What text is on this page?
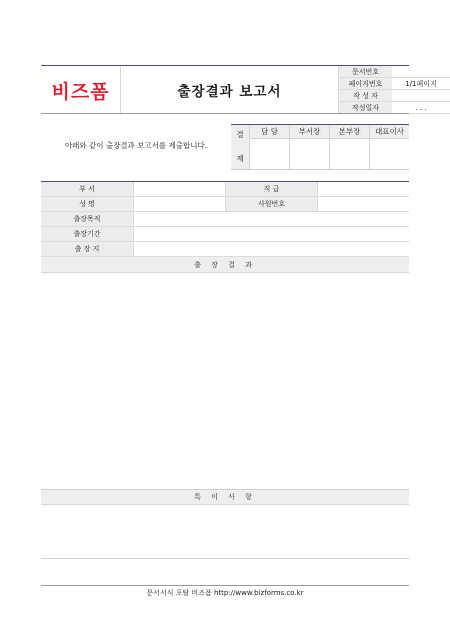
비즈폼	출장결과 보고서
문서번호
페이지번호	1/1페이지
작 성 자
작성일자	. . .
아래와 같이 출장결과 보고서를 제출합니다.
결
재
담 당	부서장	본부장	대표이사
부 서	직 급
성 명	사원번호
출장목적
출장기간
출 장 지
출 장 결 과
특 이 사 항
문서서식 포탈 비즈폼 http://www.bizforms.co.kr
